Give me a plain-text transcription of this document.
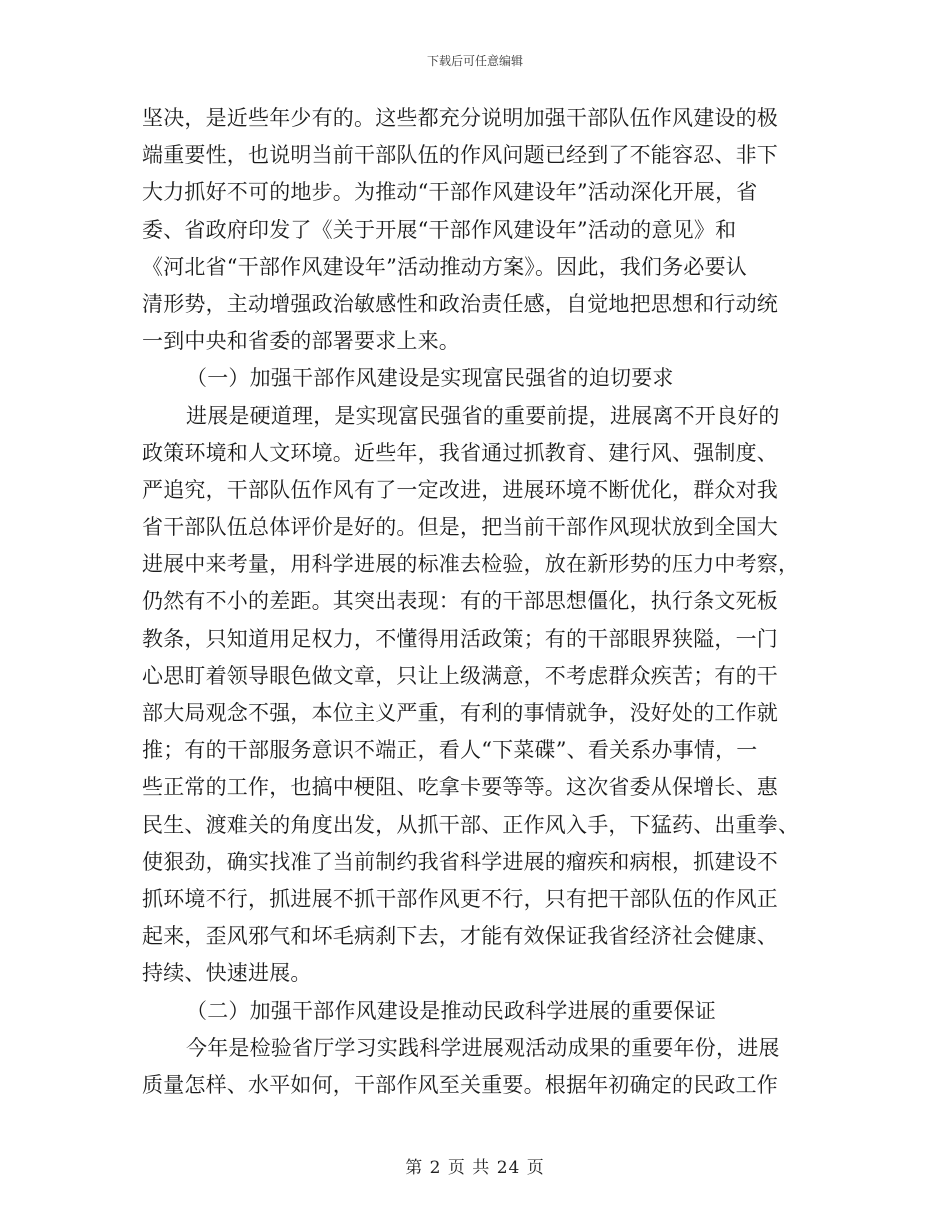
下载后可任意编辑
坚决，是近些年少有的。这些都充分说明加强干部队伍作风建设的极
端重要性，也说明当前干部队伍的作风问题已经到了不能容忍、非下
大力抓好不可的地步。为推动“干部作风建设年”活动深化开展，省
委、省政府印发了《关于开展“干部作风建设年”活动的意见》和
《河北省“干部作风建设年”活动推动方案》。因此，我们务必要认
清形势，主动增强政治敏感性和政治责任感，自觉地把思想和行动统
一到中央和省委的部署要求上来。
（一）加强干部作风建设是实现富民强省的迫切要求
进展是硬道理，是实现富民强省的重要前提，进展离不开良好的
政策环境和人文环境。近些年，我省通过抓教育、建行风、强制度、
严追究，干部队伍作风有了一定改进，进展环境不断优化，群众对我
省干部队伍总体评价是好的。但是，把当前干部作风现状放到全国大
进展中来考量，用科学进展的标准去检验，放在新形势的压力中考察，
仍然有不小的差距。其突出表现：有的干部思想僵化，执行条文死板
教条，只知道用足权力，不懂得用活政策；有的干部眼界狭隘，一门
心思盯着领导眼色做文章，只让上级满意，不考虑群众疾苦；有的干
部大局观念不强，本位主义严重，有利的事情就争，没好处的工作就
推；有的干部服务意识不端正，看人“下菜碟”、看关系办事情，一
些正常的工作，也搞中梗阻、吃拿卡要等等。这次省委从保增长、惠
民生、渡难关的角度出发，从抓干部、正作风入手，下猛药、出重拳、
使狠劲，确实找准了当前制约我省科学进展的瘤疾和病根，抓建设不
抓环境不行，抓进展不抓干部作风更不行，只有把干部队伍的作风正
起来，歪风邪气和坏毛病刹下去，才能有效保证我省经济社会健康、
持续、快速进展。
（二）加强干部作风建设是推动民政科学进展的重要保证
今年是检验省厅学习实践科学进展观活动成果的重要年份，进展
质量怎样、水平如何，干部作风至关重要。根据年初确定的民政工作
第 2 页 共 24 页
